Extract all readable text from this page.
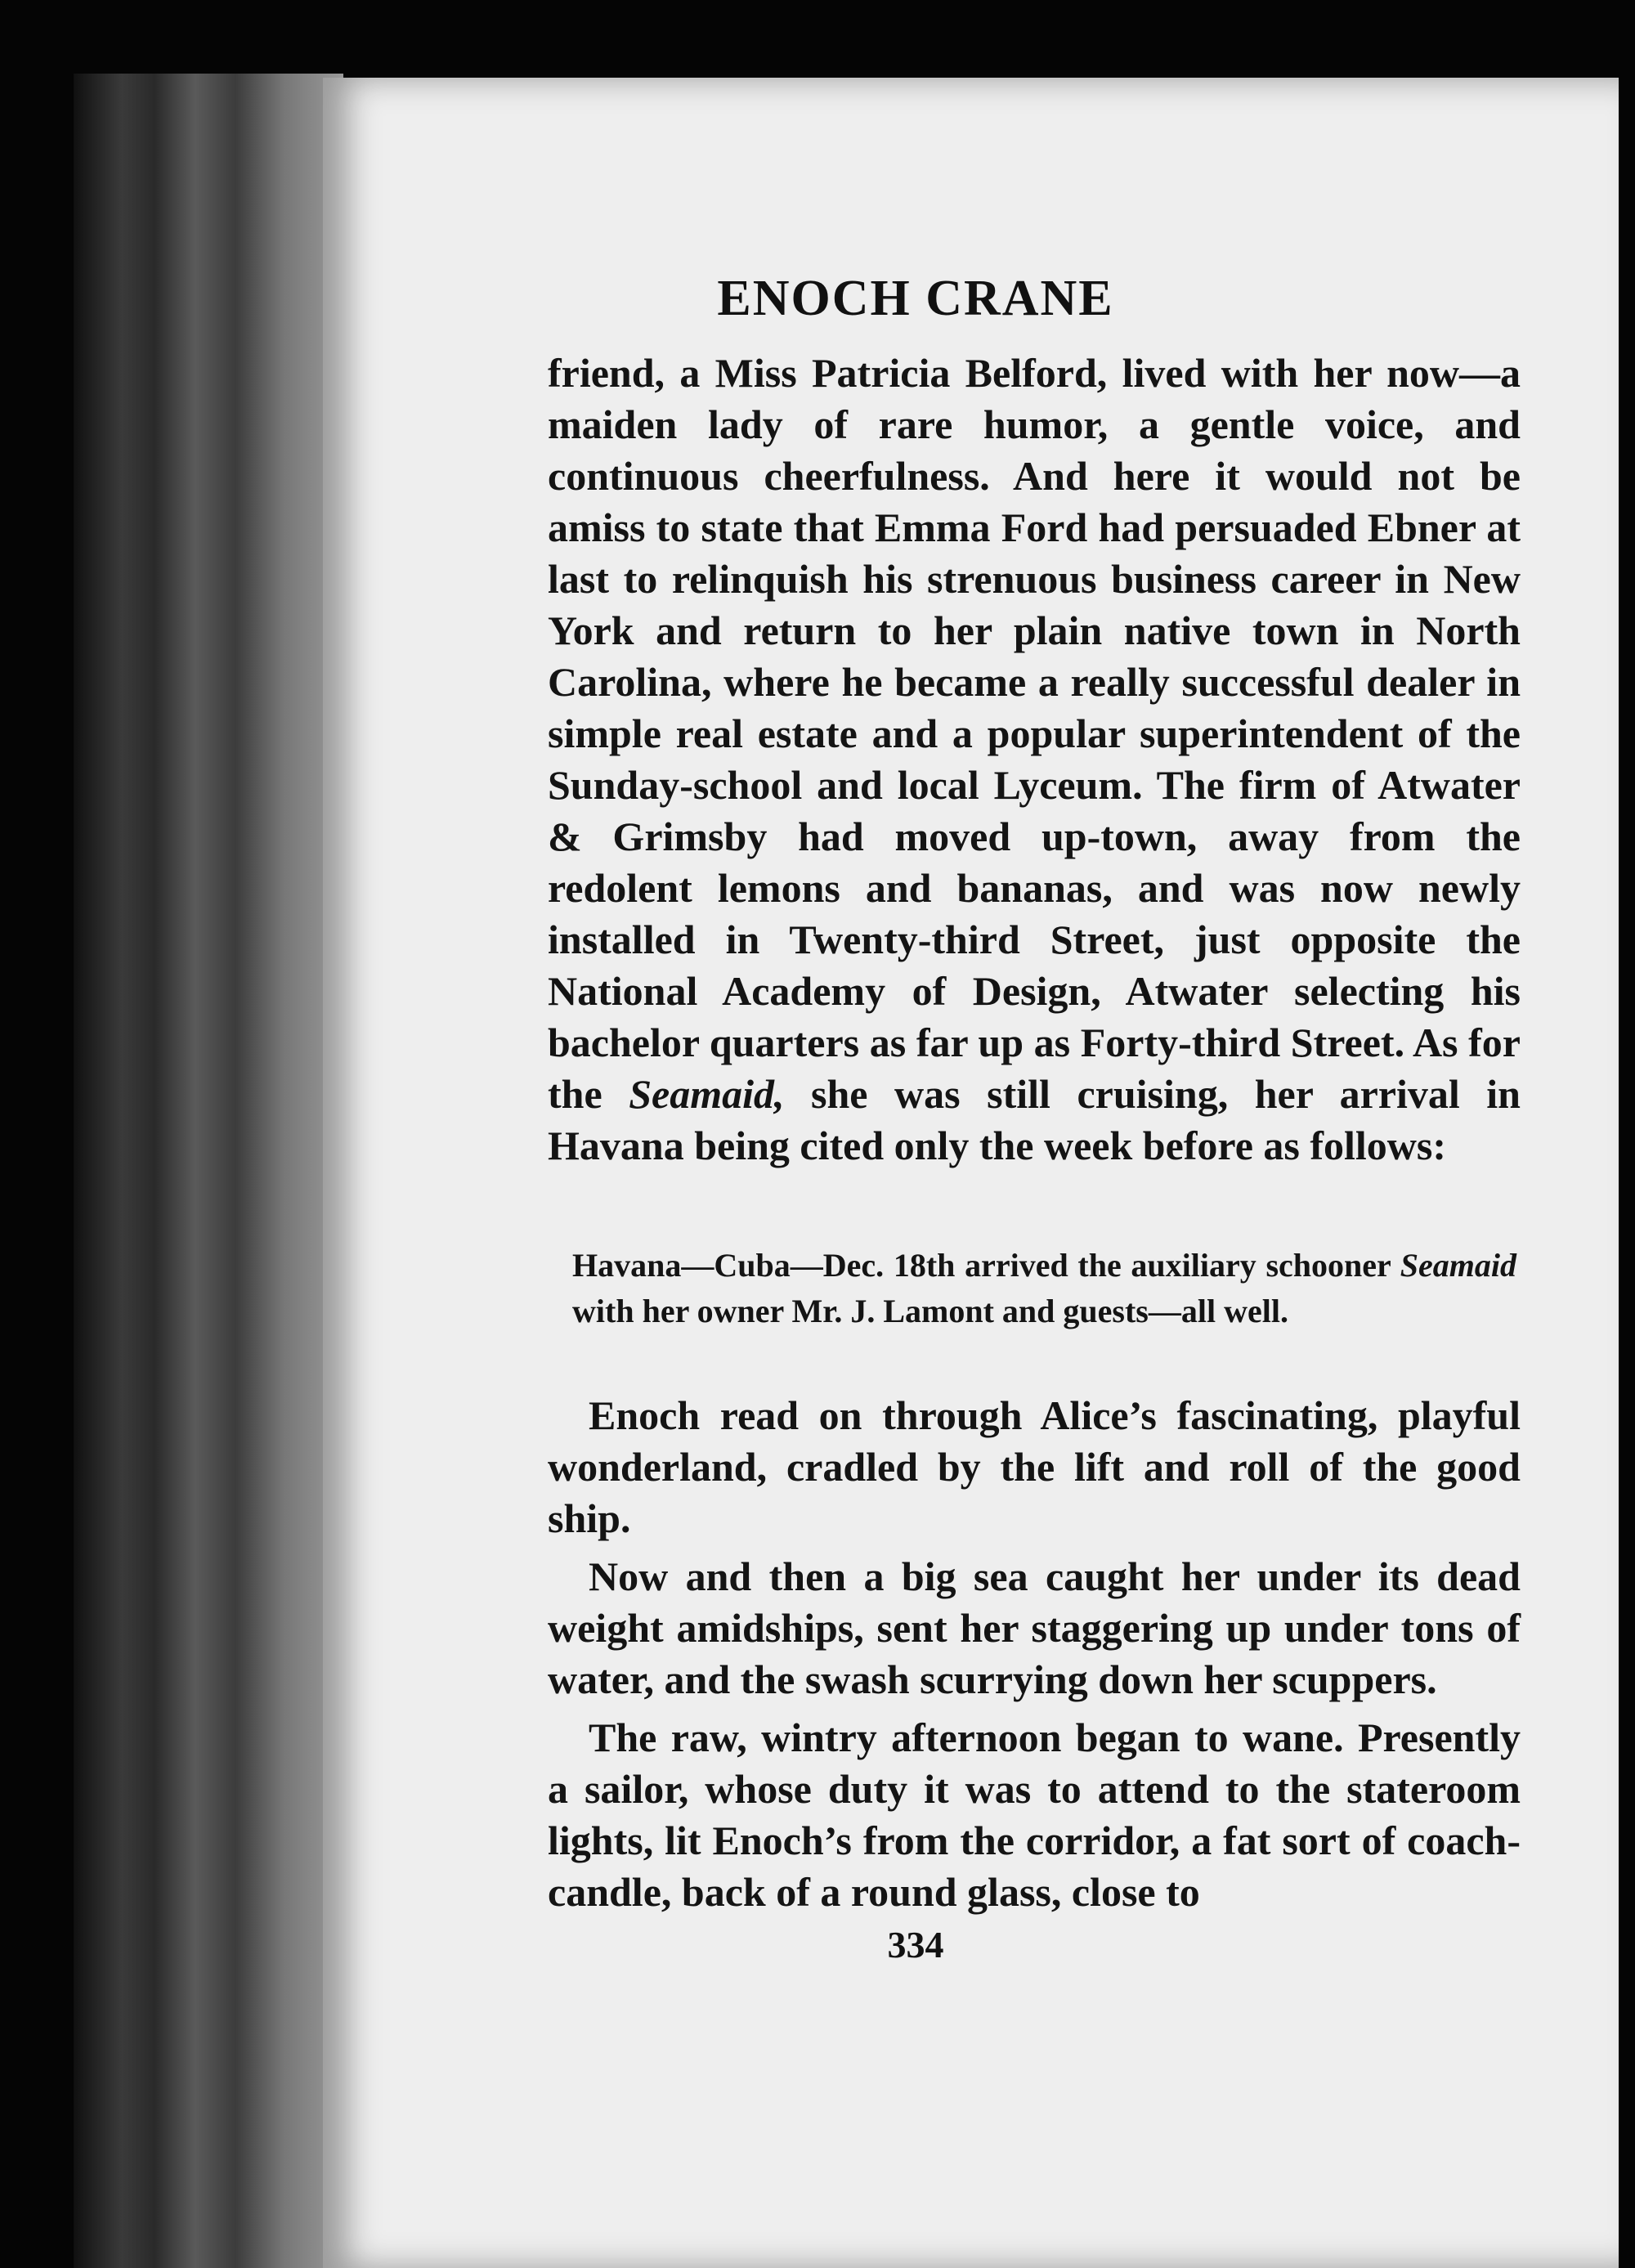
ENOCH CRANE

friend, a Miss Patricia Belford, lived with her now—a maiden lady of rare humor, a gentle voice, and continuous cheerfulness. And here it would not be amiss to state that Emma Ford had persuaded Ebner at last to relinquish his strenuous business career in New York and return to her plain native town in North Carolina, where he became a really successful dealer in simple real estate and a popular superintendent of the Sunday-school and local Lyceum. The firm of Atwater & Grimsby had moved up-town, away from the redolent lemons and bananas, and was now newly installed in Twenty-third Street, just opposite the National Academy of Design, Atwater selecting his bachelor quarters as far up as Forty-third Street. As for the Seamaid, she was still cruising, her arrival in Havana being cited only the week before as follows:

Havana—Cuba—Dec. 18th arrived the auxiliary schooner Seamaid with her owner Mr. J. Lamont and guests—all well.

Enoch read on through Alice’s fascinating, playful wonderland, cradled by the lift and roll of the good ship.

Now and then a big sea caught her under its dead weight amidships, sent her staggering up under tons of water, and the swash scurrying down her scuppers.

The raw, wintry afternoon began to wane. Presently a sailor, whose duty it was to attend to the stateroom lights, lit Enoch’s from the corridor, a fat sort of coach-candle, back of a round glass, close to

334
